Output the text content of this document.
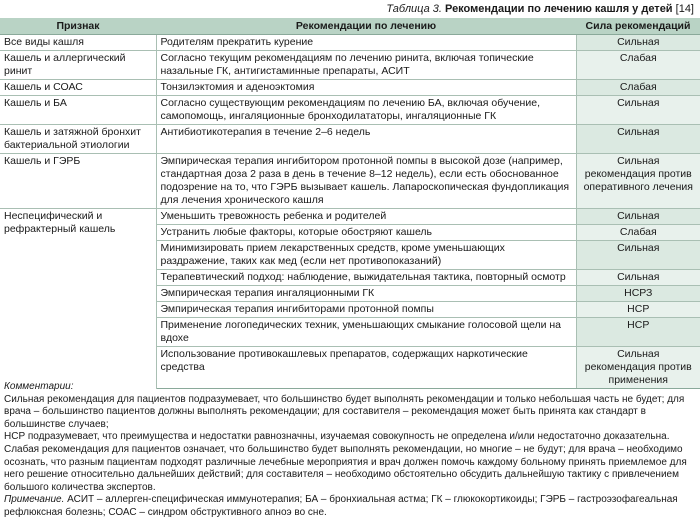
Таблица 3. Рекомендации по лечению кашля у детей [14]
Признак	Рекомендации по лечению	Сила рекомендаций
Все виды кашля	Родителям прекратить курение	Сильная
Кашель и аллергический ринит	Согласно текущим рекомендациям по лечению ринита, включая топические назальные ГК, антигистаминные препараты, АСИТ	Слабая
Кашель и СОАС	Тонзилэктомия и аденоэктомия	Слабая
Кашель и БА	Согласно существующим рекомендациям по лечению БА, включая обучение, самопомощь, ингаляционные бронходилататоры, ингаляционные ГК	Сильная
Кашель и затяжной бронхит бактериальной этиологии	Антибиотикотерапия в течение 2–6 недель	Сильная
Кашель и ГЭРБ	Эмпирическая терапия ингибитором протонной помпы в высокой дозе (например, стандартная доза 2 раза в день в течение 8–12 недель), если есть обоснованное подозрение на то, что ГЭРБ вызывает кашель. Лапароскопическая фундопликация для лечения хронического кашля	Сильная рекомендация против оперативного лечения
Неспецифический и рефрактерный кашель	Уменьшить тревожность ребенка и родителей	Сильная
	Устранить любые факторы, которые обостряют кашель	Слабая
	Минимизировать прием лекарственных средств, кроме уменьшающих раздражение, таких как мед (если нет противопоказаний)	Сильная
	Терапевтический подход: наблюдение, выжидательная тактика, повторный осмотр	Сильная
	Эмпирическая терапия ингаляционными ГК	НСРЗ
	Эмпирическая терапия ингибиторами протонной помпы	НСР
	Применение логопедических техник, уменьшающих смыкание голосовой щели на вдохе	НСР
	Использование противокашлевых препаратов, содержащих наркотические средства	Сильная рекомендация против применения

Комментарии:

Сильная рекомендация для пациентов подразумевает, что большинство будет выполнять рекомендации и только небольшая часть не будет; для врача – большинство пациентов должны выполнять рекомендации; для составителя – рекомендация может быть принята как стандарт в большинстве случаев;

НСР подразумевает, что преимущества и недостатки равнозначны, изучаемая совокупность не определена и/или недостаточно доказательна.

Слабая рекомендация для пациентов означает, что большинство будет выполнять рекомендации, но многие – не будут; для врача – необходимо осознать, что разным пациентам подходят различные лечебные мероприятия и врач должен помочь каждому больному принять приемлемое для него решение относительно дальнейших действий; для составителя – необходимо обстоятельно обсудить дальнейшую тактику с привлечением большого количества экспертов.

Примечание. АСИТ – аллерген-специфическая иммунотерапия; БА – бронхиальная астма; ГК – глюкокортикоиды; ГЭРБ – гастроэзофагеальная рефлюксная болезнь; СОАС – синдром обструктивного апноэ во сне.
